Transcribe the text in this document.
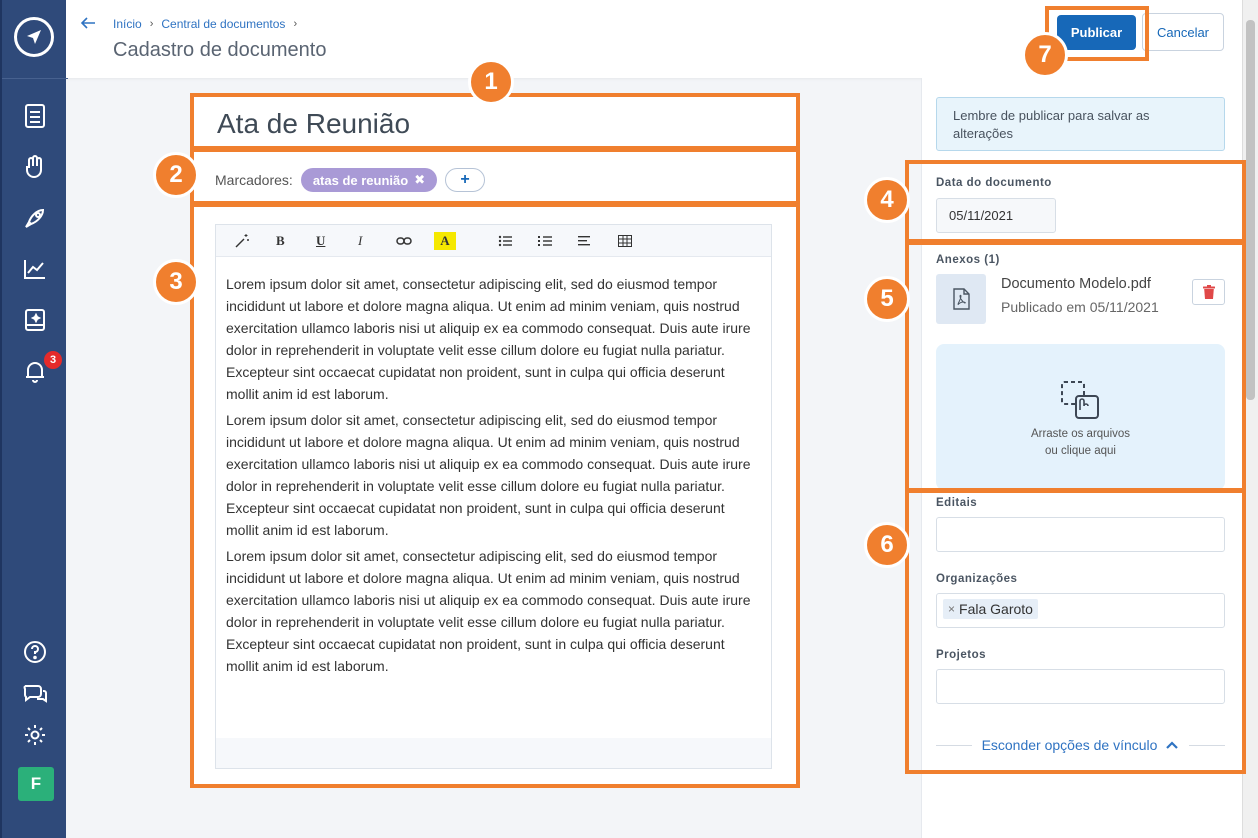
3
F
Início › Central de documentos ›
Cadastro de documento
Publicar	Cancelar
Ata de Reunião
Marcadores: atas de reunião ✖	+
B U	I	A

Lorem ipsum dolor sit amet, consectetur adipiscing elit, sed do eiusmod tempor incididunt ut labore et dolore magna aliqua. Ut enim ad minim veniam, quis nostrud exercitation ullamco laboris nisi ut aliquip ex ea commodo consequat. Duis aute irure dolor in reprehenderit in voluptate velit esse cillum dolore eu fugiat nulla pariatur. Excepteur sint occaecat cupidatat non proident, sunt in culpa qui officia deserunt mollit anim id est laborum.

Lorem ipsum dolor sit amet, consectetur adipiscing elit, sed do eiusmod tempor incididunt ut labore et dolore magna aliqua. Ut enim ad minim veniam, quis nostrud exercitation ullamco laboris nisi ut aliquip ex ea commodo consequat. Duis aute irure dolor in reprehenderit in voluptate velit esse cillum dolore eu fugiat nulla pariatur. Excepteur sint occaecat cupidatat non proident, sunt in culpa qui officia deserunt mollit anim id est laborum.

Lorem ipsum dolor sit amet, consectetur adipiscing elit, sed do eiusmod tempor incididunt ut labore et dolore magna aliqua. Ut enim ad minim veniam, quis nostrud exercitation ullamco laboris nisi ut aliquip ex ea commodo consequat. Duis aute irure dolor in reprehenderit in voluptate velit esse cillum dolore eu fugiat nulla pariatur. Excepteur sint occaecat cupidatat non proident, sunt in culpa qui officia deserunt mollit anim id est laborum.

Lembre de publicar para salvar as alterações
Data do documento
05/11/2021
Anexos (1)
Documento Modelo.pdf
Publicado em 05/11/2021
Arraste os arquivos
ou clique aqui
Editais
Organizações
× Fala Garoto
Projetos
Esconder opções de vínculo
1
2
3
4
5
6
7
